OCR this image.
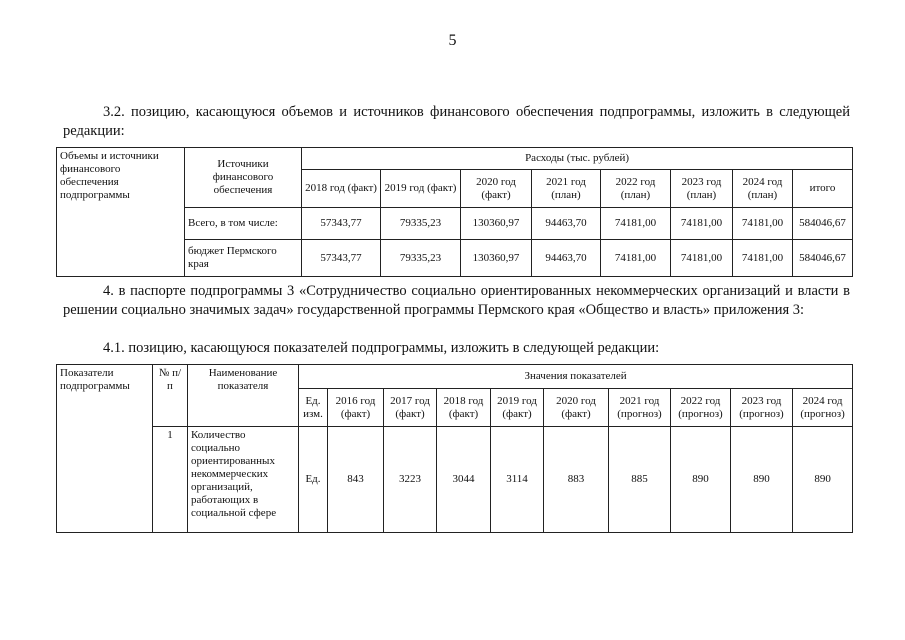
5
3.2. позицию, касающуюся объемов и источников финансового обеспечения подпрограммы, изложить в следующей редакции:
Объемы и источники финансового обеспечения подпрограммы	Источники финансового обеспечения	Расходы (тыс. рублей)							
		2018 год (факт)	2019 год (факт)	2020 год (факт)	2021 год (план)	2022 год (план)	2023 год (план)	2024 год (план)	итого
	Всего, в том числе:	57343,77	79335,23	130360,97	94463,70	74181,00	74181,00	74181,00	584046,67
	бюджет Пермского края	57343,77	79335,23	130360,97	94463,70	74181,00	74181,00	74181,00	584046,67
4. в паспорте подпрограммы 3 «Сотрудничество социально ориентированных некоммерческих организаций и власти в решении социально значимых задач» государственной программы Пермского края «Общество и власть» приложения 3:
4.1. позицию, касающуюся показателей подпрограммы, изложить в следующей редакции:
Показатели подпрограммы	№ п/п	Наименование показателя	Значения показателей									
			Ед. изм.	2016 год (факт)	2017 год (факт)	2018 год (факт)	2019 год (факт)	2020 год (факт)	2021 год (прогноз)	2022 год (прогноз)	2023 год (прогноз)	2024 год (прогноз)
	1	Количество социально ориентированных некоммерческих организаций, работающих в социальной сфере	Ед.	843	3223	3044	3114	883	885	890	890	890
